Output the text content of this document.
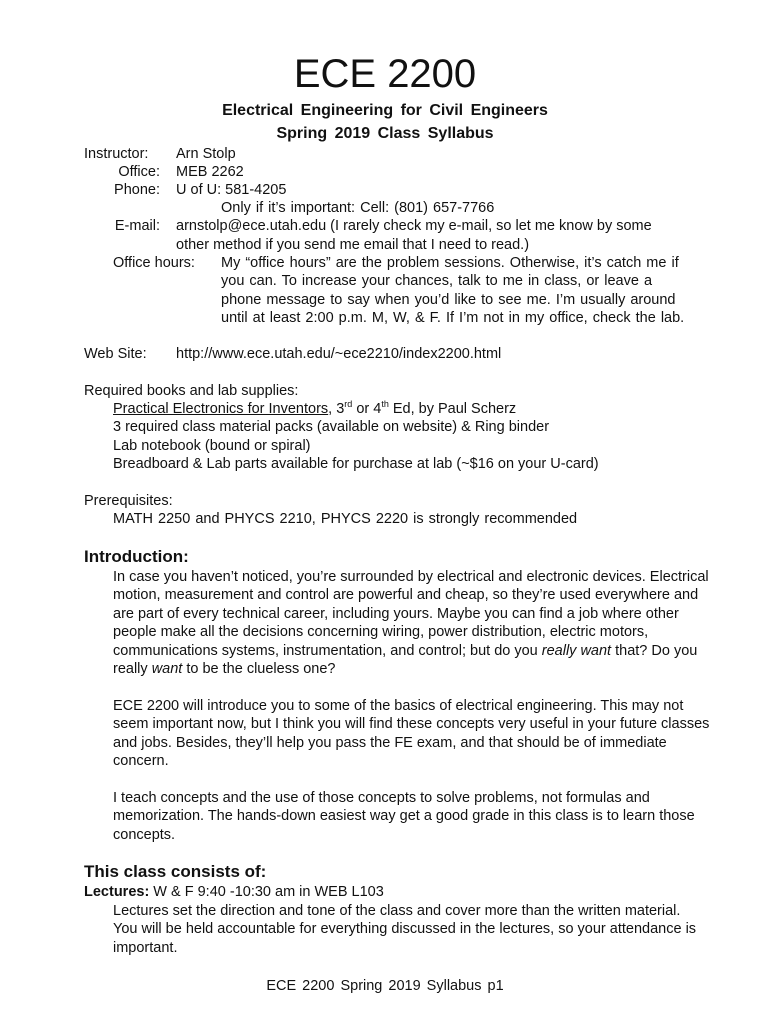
ECE 2200
Electrical Engineering for Civil Engineers
Spring 2019 Class Syllabus
Instructor: Arn Stolp
Office: MEB 2262
Phone: U of U: 581-4205
Only if it’s important: Cell: (801) 657-7766
E-mail: arnstolp@ece.utah.edu (I rarely check my e-mail, so let me know by some
other method if you send me email that I need to read.)
Office hours: My “office hours” are the problem sessions. Otherwise, it’s catch me if
you can. To increase your chances, talk to me in class, or leave a
phone message to say when you’d like to see me. I’m usually around
until at least 2:00 p.m. M, W, & F. If I’m not in my office, check the lab.
Web Site: http://www.ece.utah.edu/~ece2210/index2200.html
Required books and lab supplies:
Practical Electronics for Inventors, 3rd or 4th Ed, by Paul Scherz
3 required class material packs (available on website) & Ring binder
Lab notebook (bound or spiral)
Breadboard & Lab parts available for purchase at lab (~$16 on your U-card)
Prerequisites:
MATH 2250 and PHYCS 2210, PHYCS 2220 is strongly recommended
Introduction:

In case you haven’t noticed, you’re surrounded by electrical and electronic devices. Electrical motion, measurement and control are powerful and cheap, so they’re used everywhere and are part of every technical career, including yours. Maybe you can find a job where other people make all the decisions concerning wiring, power distribution, electric motors, communications systems, instrumentation, and control; but do you really want that? Do you really want to be the clueless one?

ECE 2200 will introduce you to some of the basics of electrical engineering. This may not seem important now, but I think you will find these concepts very useful in your future classes and jobs. Besides, they’ll help you pass the FE exam, and that should be of immediate concern.
I teach concepts and the use of those concepts to solve problems, not formulas and memorization. The hands-down easiest way get a good grade in this class is to learn those concepts.
This class consists of:
Lectures: W & F 9:40 -10:30 am in WEB L103
Lectures set the direction and tone of the class and cover more than the written material. You will be held accountable for everything discussed in the lectures, so your attendance is important.
ECE 2200 Spring 2019 Syllabus p1
